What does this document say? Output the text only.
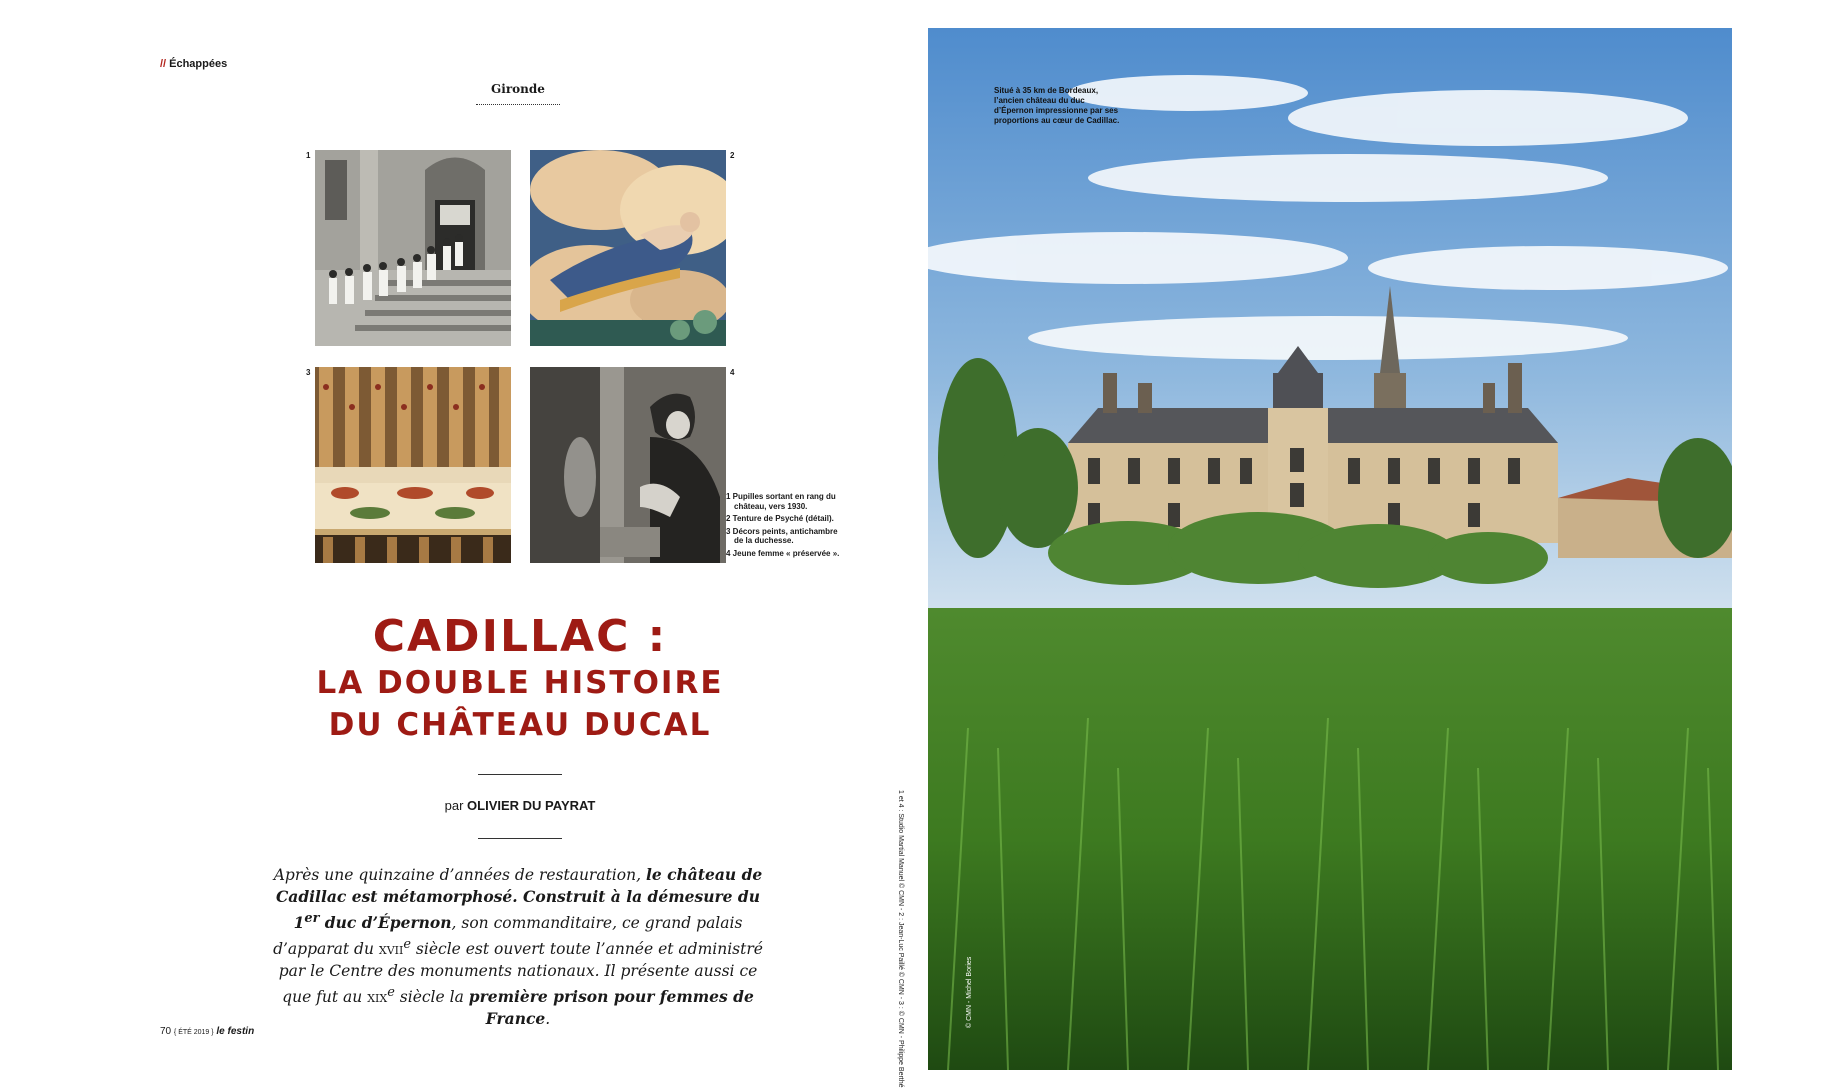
// Échappées
Gironde
1	2
3	4
1 Pupilles sortant en rang du château, vers 1930.
2 Tenture de Psyché (détail).
3 Décors peints, antichambre de la duchesse.
4 Jeune femme « préservée ».
CADILLAC :
LA DOUBLE HISTOIRE
DU CHÂTEAU DUCAL
par OLIVIER DU PAYRAT
Après une quinzaine d’années de restauration, le château de Cadillac est métamorphosé. Construit à la démesure du 1er duc d’Épernon, son commanditaire, ce grand palais d’apparat du xvii$^e$ siècle est ouvert toute l’année et administré par le Centre des monuments nationaux. Il présente aussi ce que fut au xix$^e$ siècle la première prison pour femmes de France.
70 { ÉTÉ 2019 } le festin	1 et 4 : Studio Martial Manuel © CMN - 2 : Jean-Luc Paillé © CMN - 3 : © CMN - Philippe Berthé
Situé à 35 km de Bordeaux, l’ancien château du duc d’Épernon impressionne par ses proportions au cœur de Cadillac.
© CMN - Michel Bories
